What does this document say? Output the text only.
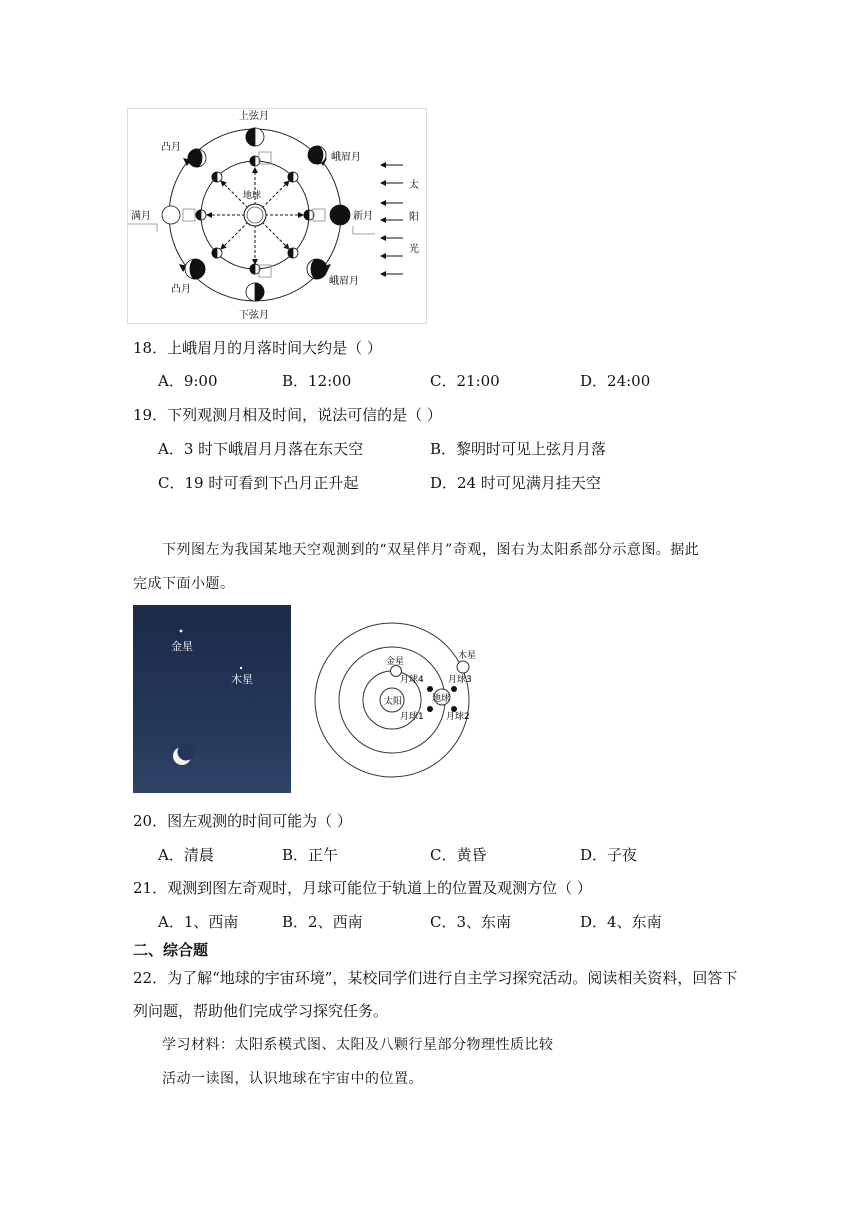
地球
上弦月
凸月
峨眉月
满月	新月
凸月
峨眉月
下弦月
太
阳
光
18．上峨眉月的月落时间大约是（ ）
A．9:00	B．12:00	C．21:00	D．24:00
19．下列观测月相及时间，说法可信的是（ ）
A．3 时下峨眉月月落在东天空	B．黎明时可见上弦月月落
C．19 时可看到下凸月正升起	D．24 时可见满月挂天空
下列图左为我国某地天空观测到的“双星伴月”奇观，图右为太阳系部分示意图。据此
完成下面小题。
金星
木星
太阳
金星
木星
地球
月球4	月球3
月球1 月球2
20．图左观测的时间可能为（ ）
A．清晨	B．正午	C．黄昏	D．子夜
21．观测到图左奇观时，月球可能位于轨道上的位置及观测方位（ ）
A．1、西南	B．2、西南	C．3、东南	D．4、东南
二、综合题
22．为了解“地球的宇宙环境”，某校同学们进行自主学习探究活动。阅读相关资料，回答下
列问题，帮助他们完成学习探究任务。
学习材料：太阳系模式图、太阳及八颗行星部分物理性质比较
活动一读图，认识地球在宇宙中的位置。
